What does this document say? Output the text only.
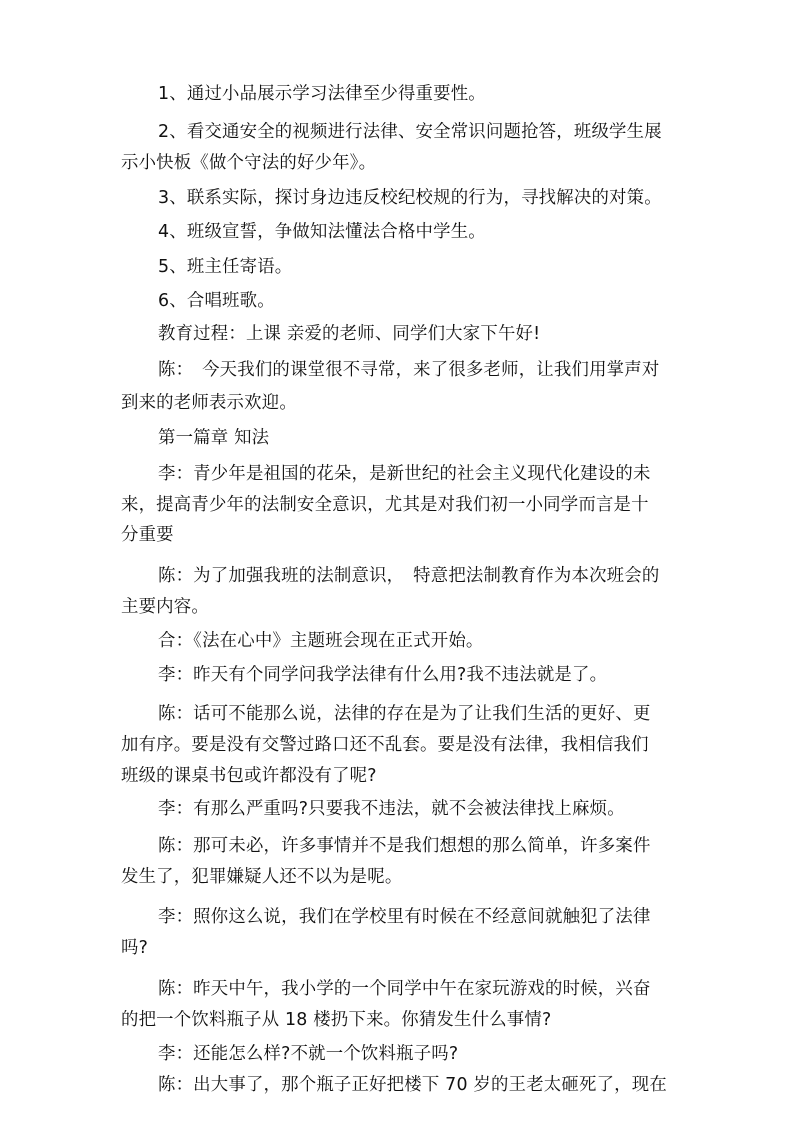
1、通过小品展示学习法律至少得重要性。
2、看交通安全的视频进行法律、安全常识问题抢答，班级学生展
示小快板《做个守法的好少年》。
3、联系实际，探讨身边违反校纪校规的行为，寻找解决的对策。
4、班级宣誓，争做知法懂法合格中学生。
5、班主任寄语。
6、合唱班歌。
教育过程：上课 亲爱的老师、同学们大家下午好!
陈：　今天我们的课堂很不寻常，来了很多老师，让我们用掌声对
到来的老师表示欢迎。
第一篇章 知法
李：青少年是祖国的花朵，是新世纪的社会主义现代化建设的未
来，提高青少年的法制安全意识，尤其是对我们初一小同学而言是十
分重要
陈：为了加强我班的法制意识，　特意把法制教育作为本次班会的
主要内容。
合：《法在心中》主题班会现在正式开始。
李：昨天有个同学问我学法律有什么用?我不违法就是了。
陈：话可不能那么说，法律的存在是为了让我们生活的更好、更
加有序。要是没有交警过路口还不乱套。要是没有法律，我相信我们
班级的课桌书包或许都没有了呢?
李：有那么严重吗?只要我不违法，就不会被法律找上麻烦。
陈：那可未必，许多事情并不是我们想想的那么简单，许多案件
发生了，犯罪嫌疑人还不以为是呢。
李：照你这么说，我们在学校里有时候在不经意间就触犯了法律
吗?
陈：昨天中午，我小学的一个同学中午在家玩游戏的时候，兴奋
的把一个饮料瓶子从 18 楼扔下来。你猜发生什么事情?
李：还能怎么样?不就一个饮料瓶子吗?
陈：出大事了，那个瓶子正好把楼下 70 岁的王老太砸死了，现在
